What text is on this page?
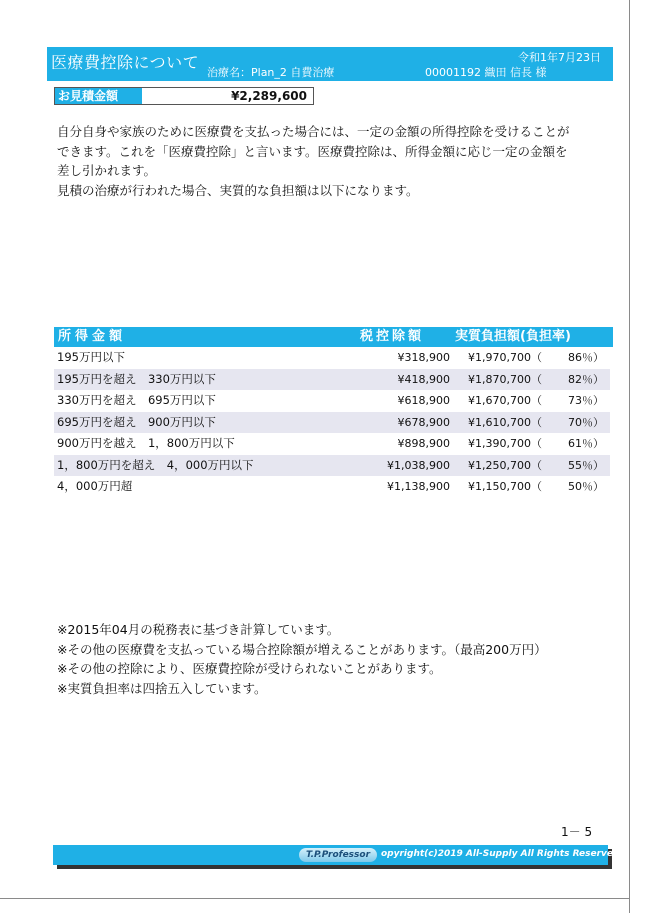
医療費控除について
治療名：Plan_2 自費治療	00001192 織田 信長 様
令和1年7月23日
お見積金額	¥2,289,600

自分自身や家族のために医療費を支払った場合には、一定の金額の所得控除を受けることが

できます。これを「医療費控除」と言います。医療費控除は、所得金額に応じ一定の金額を

差し引かれます。

見積の治療が行われた場合、実質的な負担額は以下になります。

所得金額	税控除額	実質負担額(負担率)
195万円以下	¥318,900	¥1,970,700（	86％）
195万円を超え　330万円以下	¥418,900	¥1,870,700（	82％）
330万円を超え　695万円以下	¥618,900	¥1,670,700（	73％）
695万円を超え　900万円以下	¥678,900	¥1,610,700（	70％）
900万円を越え　1，800万円以下	¥898,900	¥1,390,700（	61％）
1，800万円を超え　4，000万円以下	¥1,038,900	¥1,250,700（	55％）
4，000万円超	¥1,138,900	¥1,150,700（	50％）

※2015年04月の税務表に基づき計算しています。

※その他の医療費を支払っている場合控除額が増えることがあります。（最高200万円）

※その他の控除により、医療費控除が受けられないことがあります。

※実質負担率は四捨五入しています。

1－ 5
T.P.Professor	opyright(c)2019 All-Supply All Rights Reserved.
